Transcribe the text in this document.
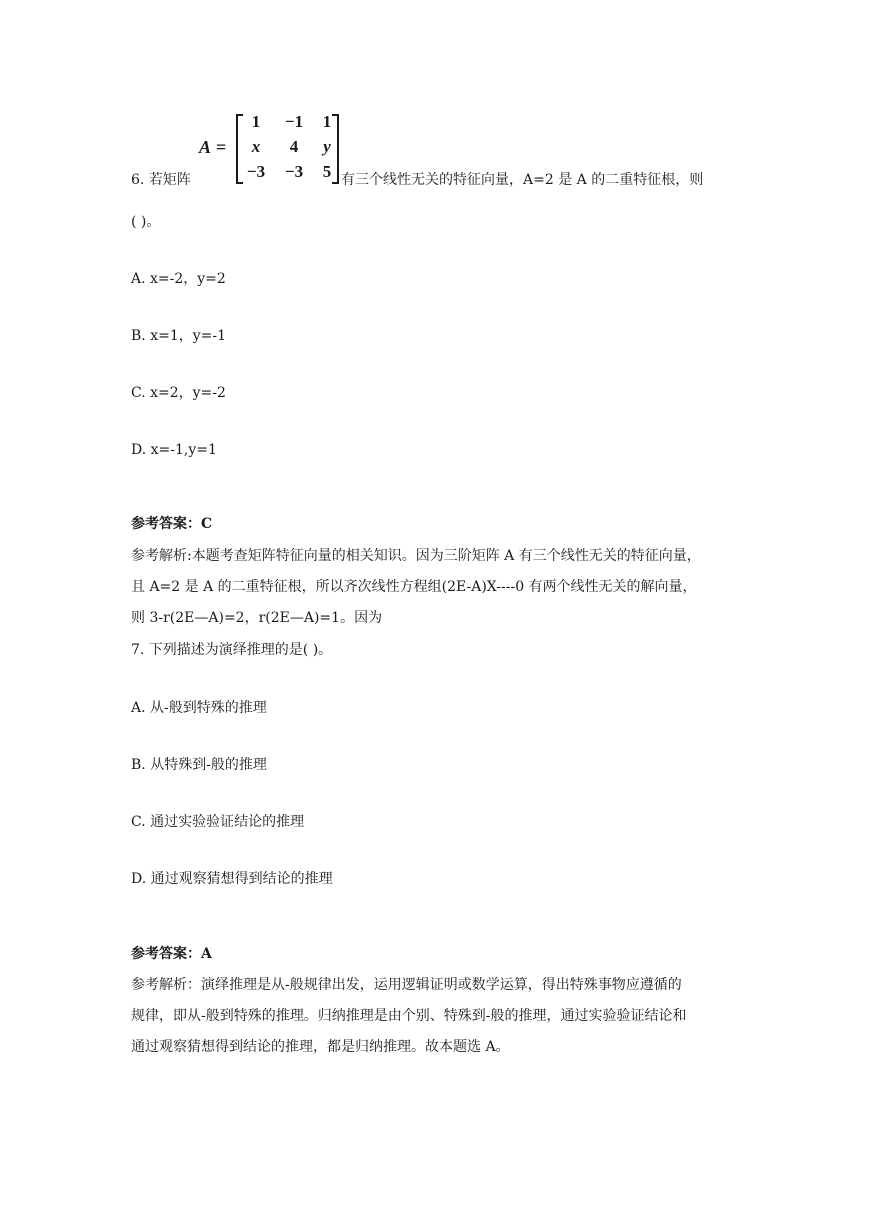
A =
1	−1	1
x	4	y
−3	−3	5
6. 若矩阵	有三个线性无关的特征向量，A=2 是 A 的二重特征根，则
( )。
A. x=-2，y=2
B. x=1，y=-1
C. x=2，y=-2
D. x=-1,y=1
参考答案：C
参考解析:本题考查矩阵特征向量的相关知识。因为三阶矩阵 A 有三个线性无关的特征向量，
且 A=2 是 A 的二重特征根，所以齐次线性方程组(2E-A)X----0 有两个线性无关的解向量，
则 3-r(2E—A)=2，r(2E—A)=1。因为
7. 下列描述为演绎推理的是( )。
A. 从-般到特殊的推理
B. 从特殊到-般的推理
C. 通过实验验证结论的推理
D. 通过观察猜想得到结论的推理
参考答案：A
参考解析：演绎推理是从-般规律出发，运用逻辑证明或数学运算，得出特殊事物应遵循的
规律，即从-般到特殊的推理。归纳推理是由个别、特殊到-般的推理，通过实验验证结论和
通过观察猜想得到结论的推理，都是归纳推理。故本题选 A。
